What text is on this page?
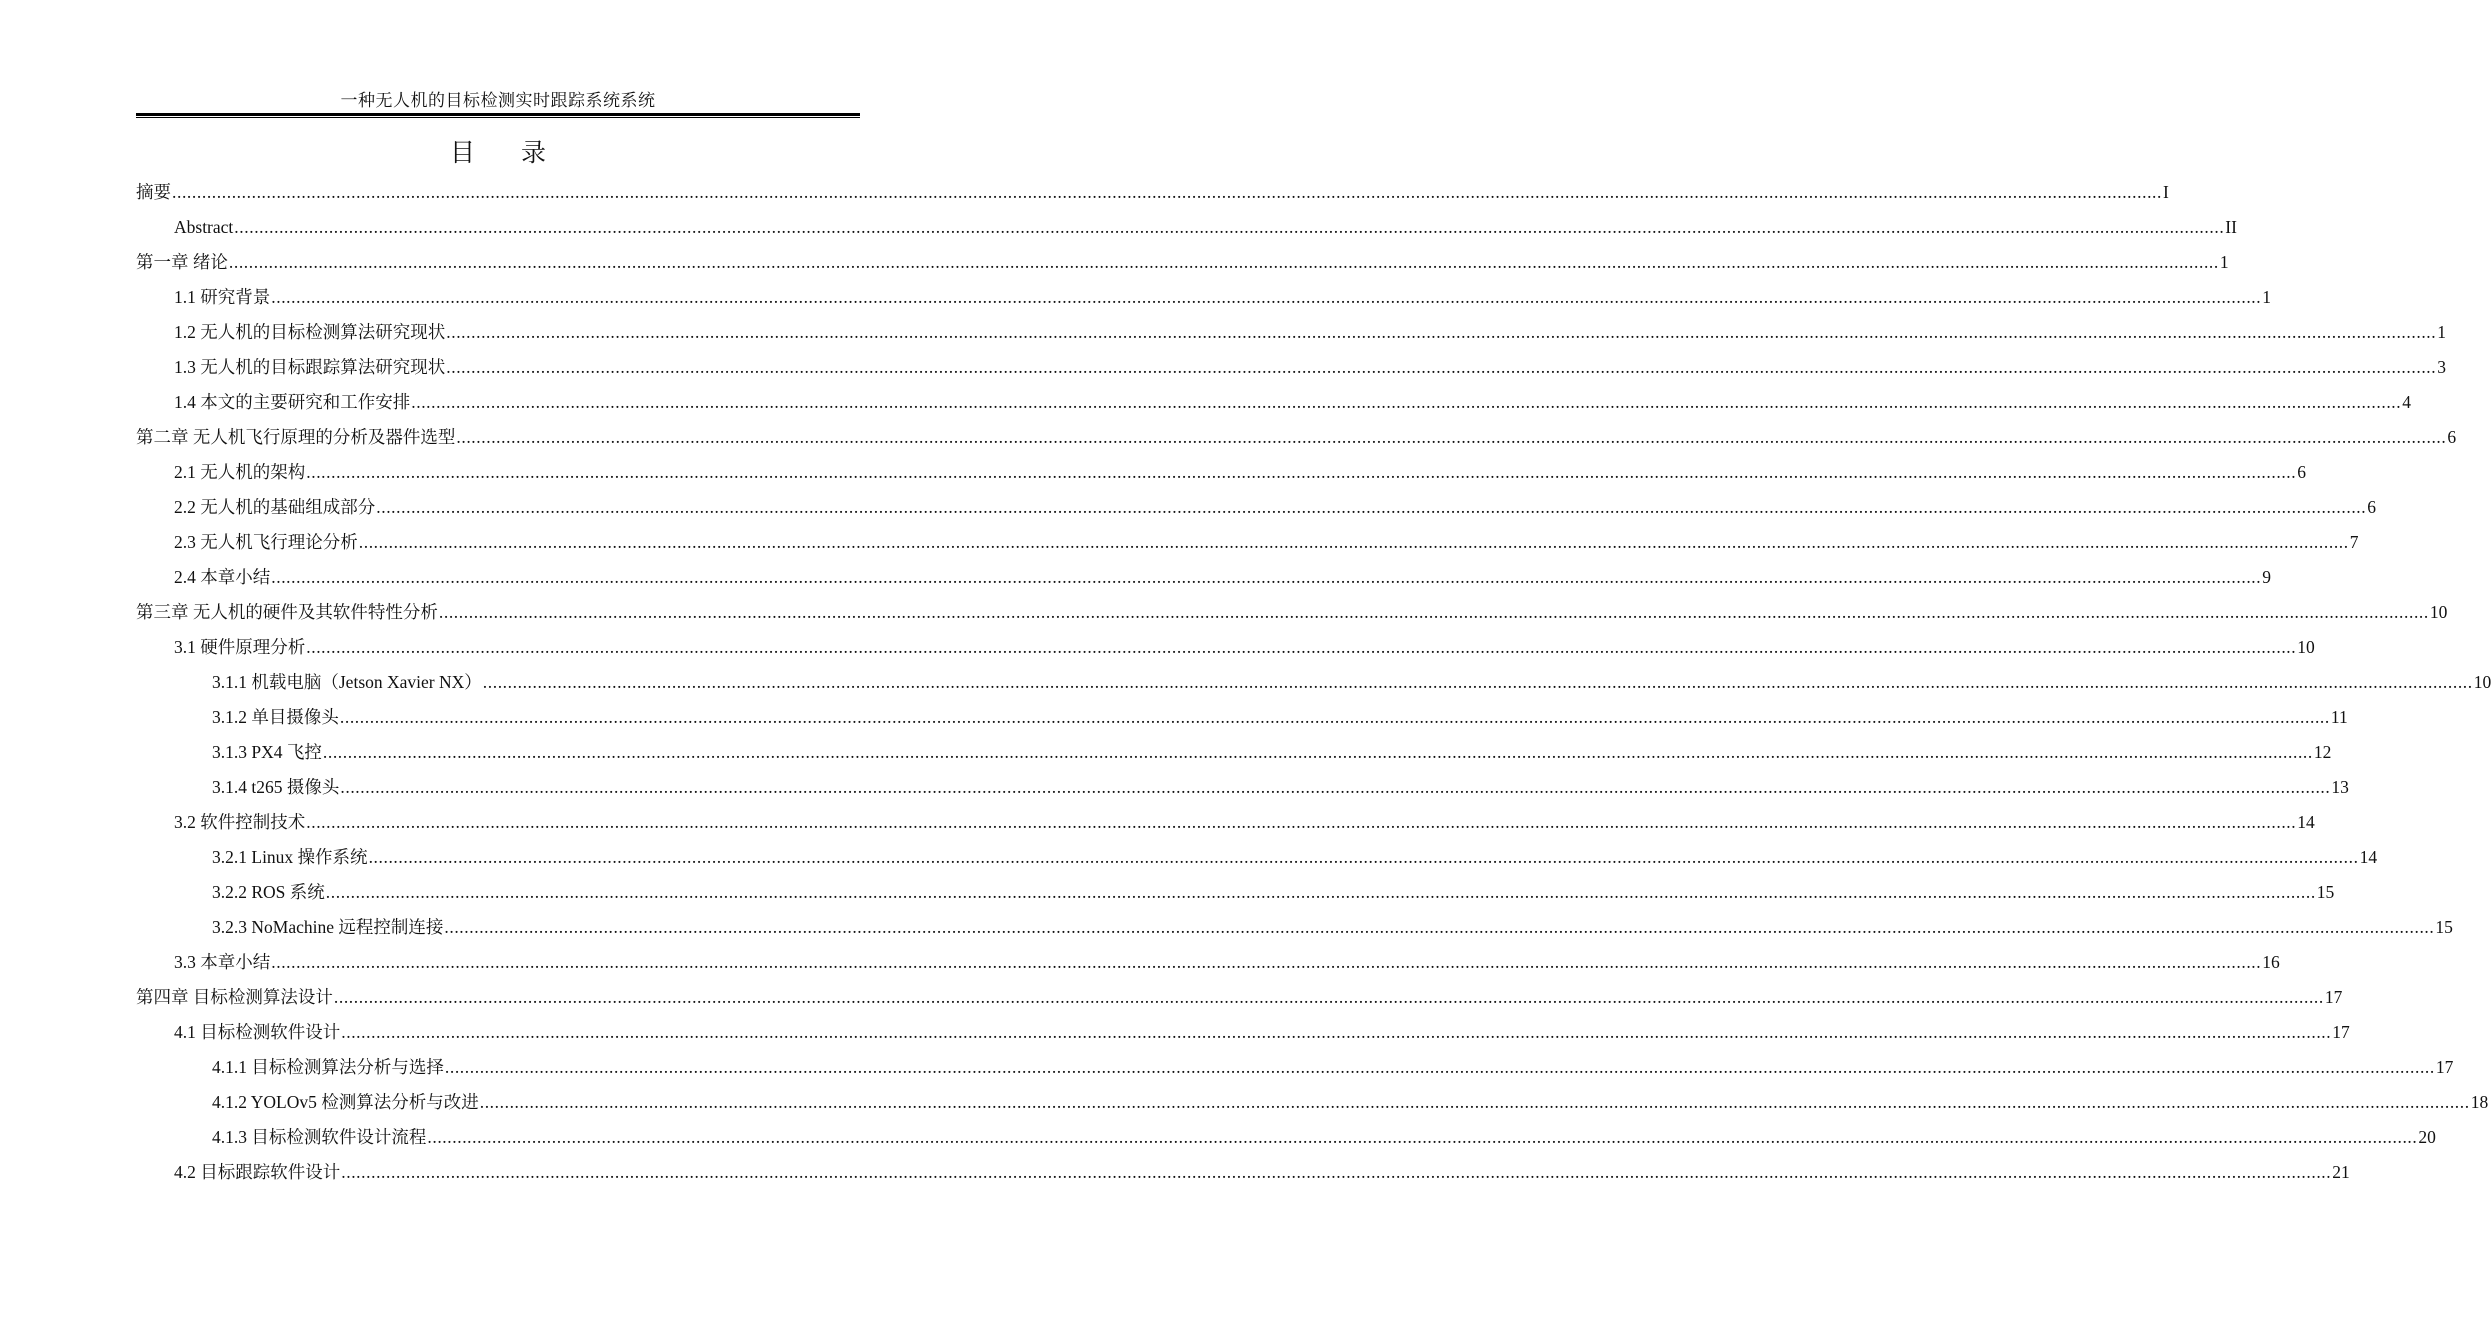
一种无人机的目标检测实时跟踪系统系统
目 录
摘要 ................................................................................................................................................................................................................................................................................................................................................................................................................ I
Abstract ................................................................................................................................................................................................................................................................................................................................................................................................................ II
第一章 绪论 ................................................................................................................................................................................................................................................................................................................................................................................................................ 1
1.1 研究背景 ................................................................................................................................................................................................................................................................................................................................................................................................................ 1
1.2 无人机的目标检测算法研究现状 ................................................................................................................................................................................................................................................................................................................................................................................................................ 1
1.3 无人机的目标跟踪算法研究现状 ................................................................................................................................................................................................................................................................................................................................................................................................................ 3
1.4 本文的主要研究和工作安排 ................................................................................................................................................................................................................................................................................................................................................................................................................ 4
第二章 无人机飞行原理的分析及器件选型 ................................................................................................................................................................................................................................................................................................................................................................................................................ 6
2.1 无人机的架构 ................................................................................................................................................................................................................................................................................................................................................................................................................ 6
2.2 无人机的基础组成部分 ................................................................................................................................................................................................................................................................................................................................................................................................................ 6
2.3 无人机飞行理论分析 ................................................................................................................................................................................................................................................................................................................................................................................................................ 7
2.4 本章小结 ................................................................................................................................................................................................................................................................................................................................................................................................................ 9
第三章 无人机的硬件及其软件特性分析 ................................................................................................................................................................................................................................................................................................................................................................................................................ 10
3.1 硬件原理分析 ................................................................................................................................................................................................................................................................................................................................................................................................................ 10
3.1.1 机载电脑（Jetson Xavier NX） ................................................................................................................................................................................................................................................................................................................................................................................................................ 10
3.1.2 单目摄像头 ................................................................................................................................................................................................................................................................................................................................................................................................................ 11
3.1.3 PX4 飞控 ................................................................................................................................................................................................................................................................................................................................................................................................................ 12
3.1.4 t265 摄像头 ................................................................................................................................................................................................................................................................................................................................................................................................................ 13
3.2 软件控制技术 ................................................................................................................................................................................................................................................................................................................................................................................................................ 14
3.2.1 Linux 操作系统 ................................................................................................................................................................................................................................................................................................................................................................................................................ 14
3.2.2 ROS 系统 ................................................................................................................................................................................................................................................................................................................................................................................................................ 15
3.2.3 NoMachine 远程控制连接 ................................................................................................................................................................................................................................................................................................................................................................................................................ 15
3.3 本章小结 ................................................................................................................................................................................................................................................................................................................................................................................................................ 16
第四章 目标检测算法设计 ................................................................................................................................................................................................................................................................................................................................................................................................................ 17
4.1 目标检测软件设计 ................................................................................................................................................................................................................................................................................................................................................................................................................ 17
4.1.1 目标检测算法分析与选择 ................................................................................................................................................................................................................................................................................................................................................................................................................ 17
4.1.2 YOLOv5 检测算法分析与改进 ................................................................................................................................................................................................................................................................................................................................................................................................................ 18
4.1.3 目标检测软件设计流程 ................................................................................................................................................................................................................................................................................................................................................................................................................ 20
4.2 目标跟踪软件设计 ................................................................................................................................................................................................................................................................................................................................................................................................................ 21
